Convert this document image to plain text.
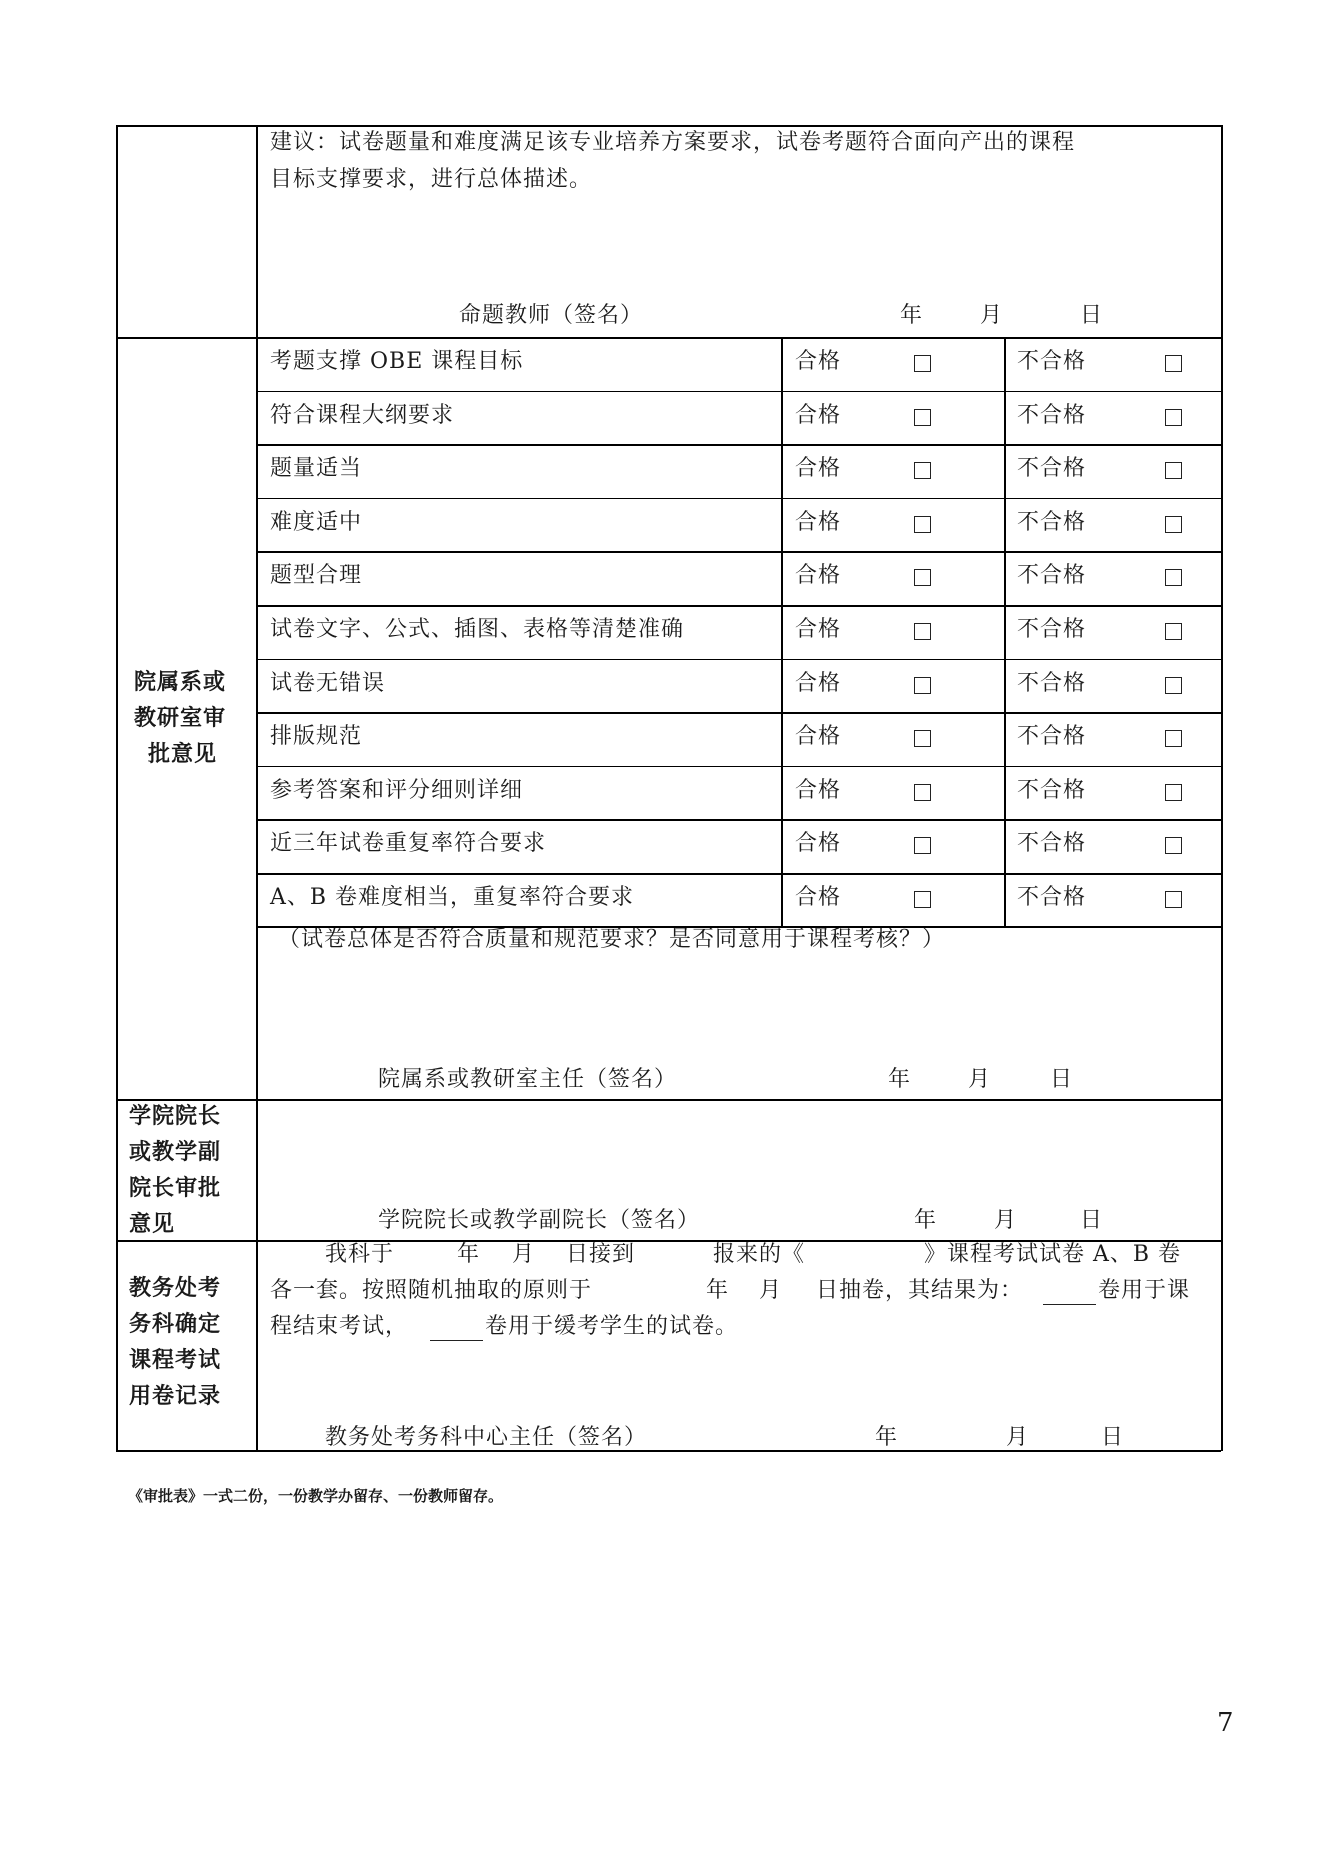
建议：试卷题量和难度满足该专业培养方案要求，试卷考题符合面向产出的课程
目标支撑要求，进行总体描述。
命题教师（签名）	年	月	日
院属系或
教研室审
批意见
考题支撑 OBE 课程目标	合格	不合格
符合课程大纲要求	合格	不合格
题量适当	合格	不合格
难度适中	合格	不合格
题型合理	合格	不合格
试卷文字、公式、插图、表格等清楚准确	合格	不合格
试卷无错误	合格	不合格
排版规范	合格	不合格
参考答案和评分细则详细	合格	不合格
近三年试卷重复率符合要求	合格	不合格
A、B 卷难度相当，重复率符合要求	合格	不合格
（试卷总体是否符合质量和规范要求？是否同意用于课程考核？）
院属系或教研室主任（签名）	年	月	日
学院院长
或教学副
院长审批
意见	学院院长或教学副院长（签名）	年	月	日
教务处考
务科确定
课程考试
用卷记录
我科于	年 月 日接到	报来的《	》课程考试试卷 A、B 卷
各一套。按照随机抽取的原则于	年 月 日抽卷，其结果为：	卷用于课
程结束考试，	卷用于缓考学生的试卷。
教务处考务科中心主任（签名）	年	月	日
《审批表》一式二份，一份教学办留存、一份教师留存。
7
